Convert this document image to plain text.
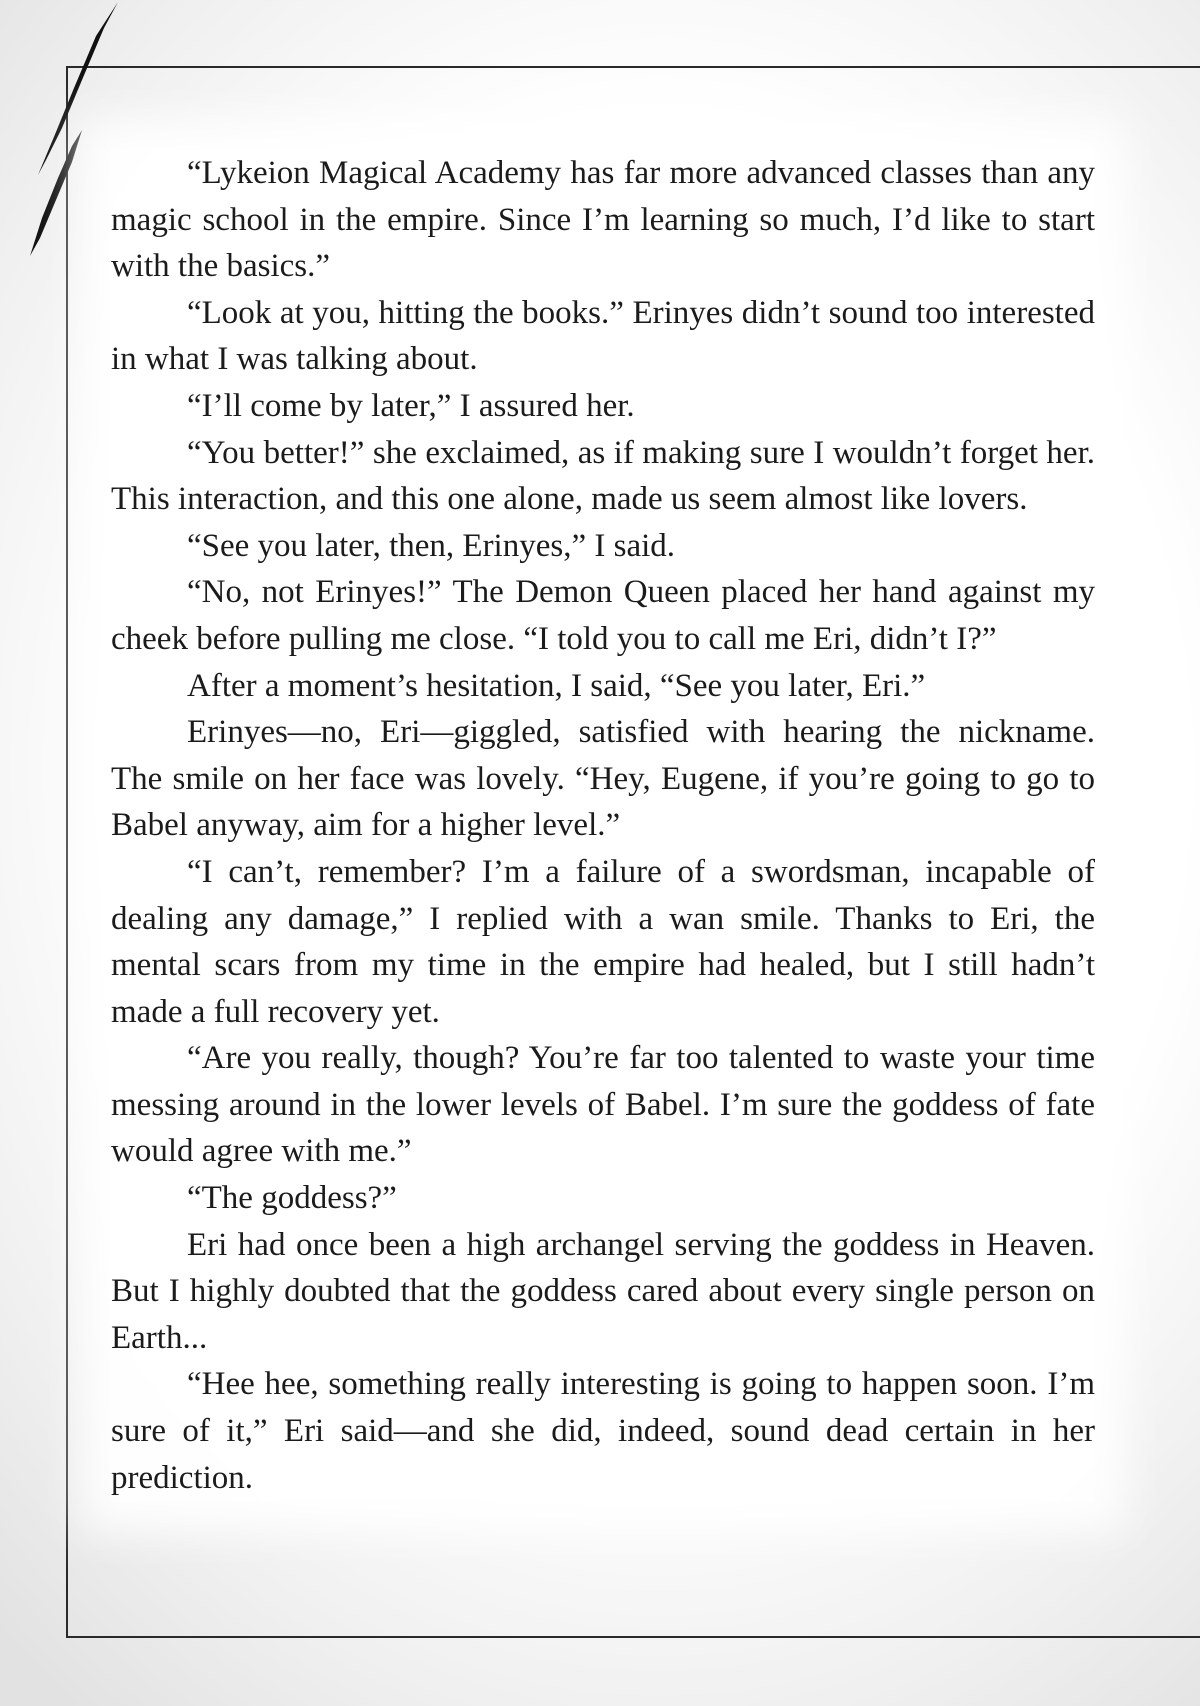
“Lykeion Magical Academy has far more advanced classes than any magic school in the empire. Since I’m learning so much, I’d like to start with the basics.”

“Look at you, hitting the books.” Erinyes didn’t sound too interested in what I was talking about.

“I’ll come by later,” I assured her.

“You better!” she exclaimed, as if making sure I wouldn’t forget her. This interaction, and this one alone, made us seem almost like lovers.

“See you later, then, Erinyes,” I said.

“No, not Erinyes!” The Demon Queen placed her hand against my cheek before pulling me close. “I told you to call me Eri, didn’t I?”

After a moment’s hesitation, I said, “See you later, Eri.”

Erinyes—no, Eri—giggled, satisfied with hearing the nickname. The smile on her face was lovely. “Hey, Eugene, if you’re going to go to Babel anyway, aim for a higher level.”

“I can’t, remember? I’m a failure of a swordsman, incapable of dealing any damage,” I replied with a wan smile. Thanks to Eri, the mental scars from my time in the empire had healed, but I still hadn’t made a full recovery yet.

“Are you really, though? You’re far too talented to waste your time messing around in the lower levels of Babel. I’m sure the goddess of fate would agree with me.”

“The goddess?”

Eri had once been a high archangel serving the goddess in Heaven. But I highly doubted that the goddess cared about every single person on Earth...

“Hee hee, something really interesting is going to happen soon. I’m sure of it,” Eri said—and she did, indeed, sound dead certain in her prediction.
